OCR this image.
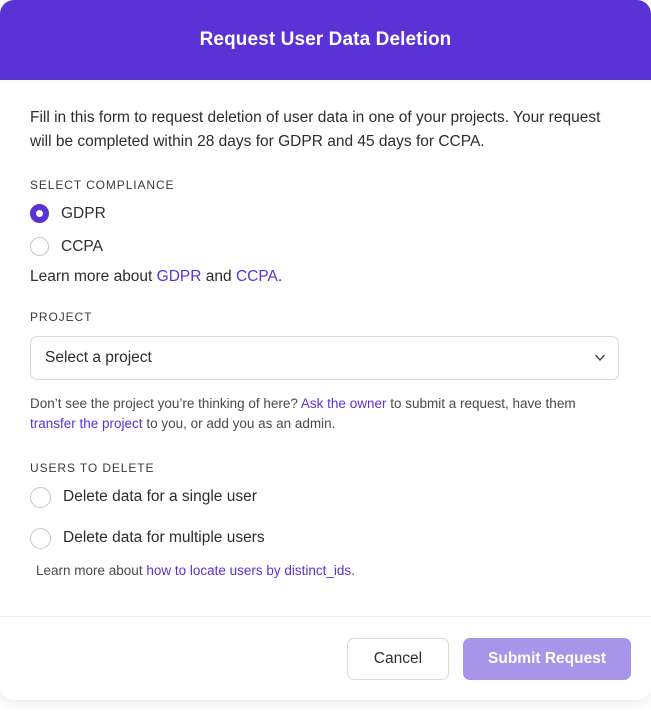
Request User Data Deletion

Fill in this form to request deletion of user data in one of your projects. Your request will be completed within 28 days for GDPR and 45 days for CCPA.

SELECT COMPLIANCE
GDPR
CCPA

Learn more about GDPR and CCPA.

PROJECT
Select a project

Don’t see the project you’re thinking of here? Ask the owner to submit a request, have them transfer the project to you, or add you as an admin.

USERS TO DELETE
Delete data for a single user
Delete data for multiple users

Learn more about how to locate users by distinct_ids.

Cancel	Submit Request
